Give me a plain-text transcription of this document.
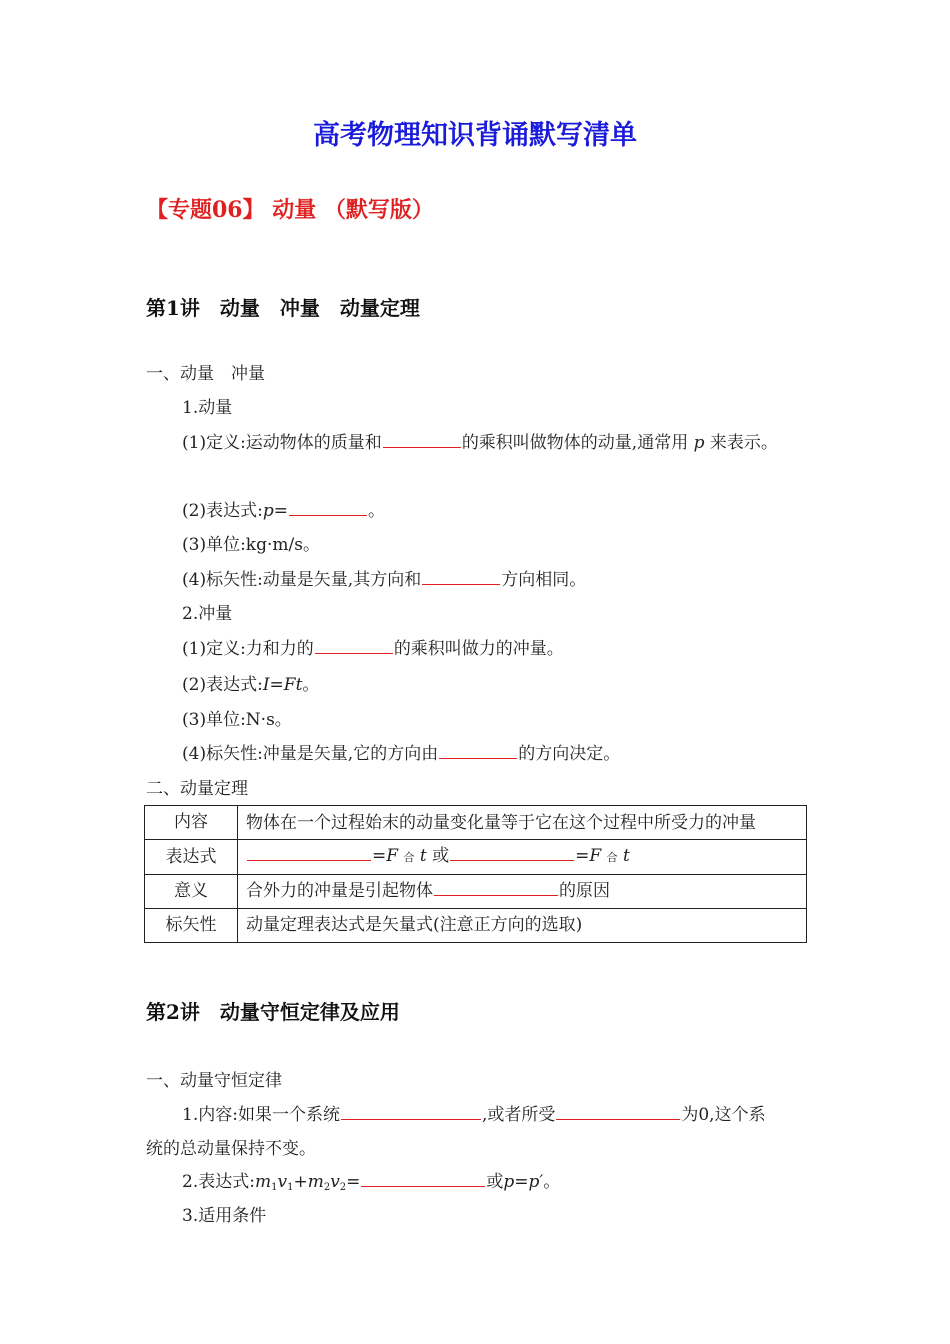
高考物理知识背诵默写清单
【专题06】 动量 （默写版）
第1讲　动量　冲量　动量定理
一、动量　冲量
1.动量
(1)定义:运动物体的质量和	的乘积叫做物体的动量,通常用 p 来表示。
(2)表达式:p=	。
(3)单位:kg·m/s。
(4)标矢性:动量是矢量,其方向和	方向相同。
2.冲量
(1)定义:力和力的	的乘积叫做力的冲量。
(2)表达式:I=Ft。
(3)单位:N·s。
(4)标矢性:冲量是矢量,它的方向由	的方向决定。
二、动量定理
内容	物体在一个过程始末的动量变化量等于它在这个过程中所受力的冲量
表达式	=F 合 t 或 =F 合 t
意义	合外力的冲量是引起物体 的原因
标矢性	动量定理表达式是矢量式(注意正方向的选取)
第2讲　动量守恒定律及应用
一、动量守恒定律
1.内容:如果一个系统	,或者所受	为0,这个系
统的总动量保持不变。
2.表达式$:m_1v_1+m_2v_2=$	或p=p′。
3.适用条件
